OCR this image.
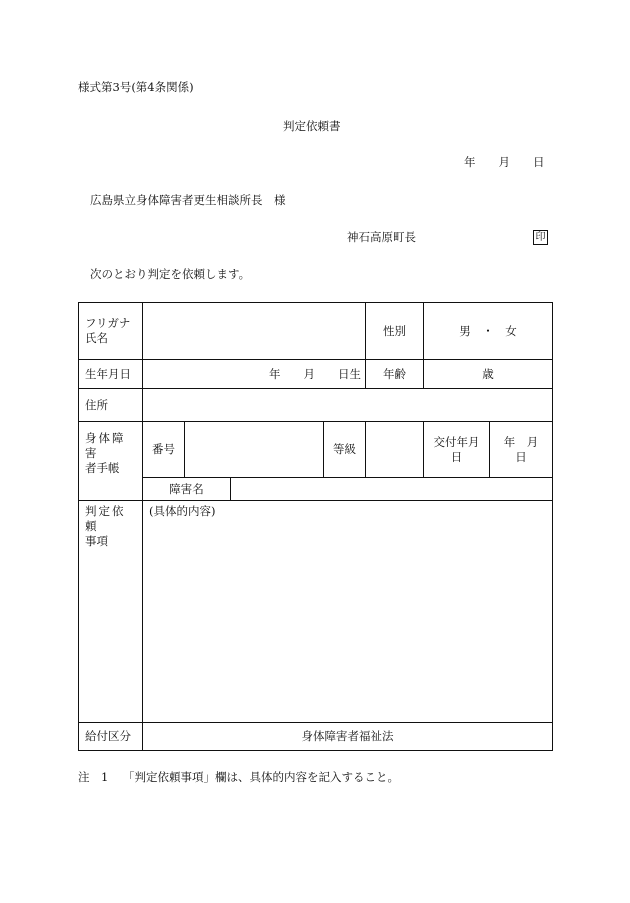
様式第3号(第4条関係)
判定依頼書
年　　月　　日
広島県立身体障害者更生相談所長　様
神石高原町長	印
次のとおり判定を依頼します。
フリガナ
氏名					性別	男　・　女	
生年月日	年　　月　　日生				年齢	歳	
住所							

身体障害
者手帳	番号			等級		交付年月日	年　月　日
	障害名						

判定依頼
事項	(具体的内容)						
給付区分	身体障害者福祉法						
注　1 「判定依頼事項」欄は、具体的内容を記入すること。
